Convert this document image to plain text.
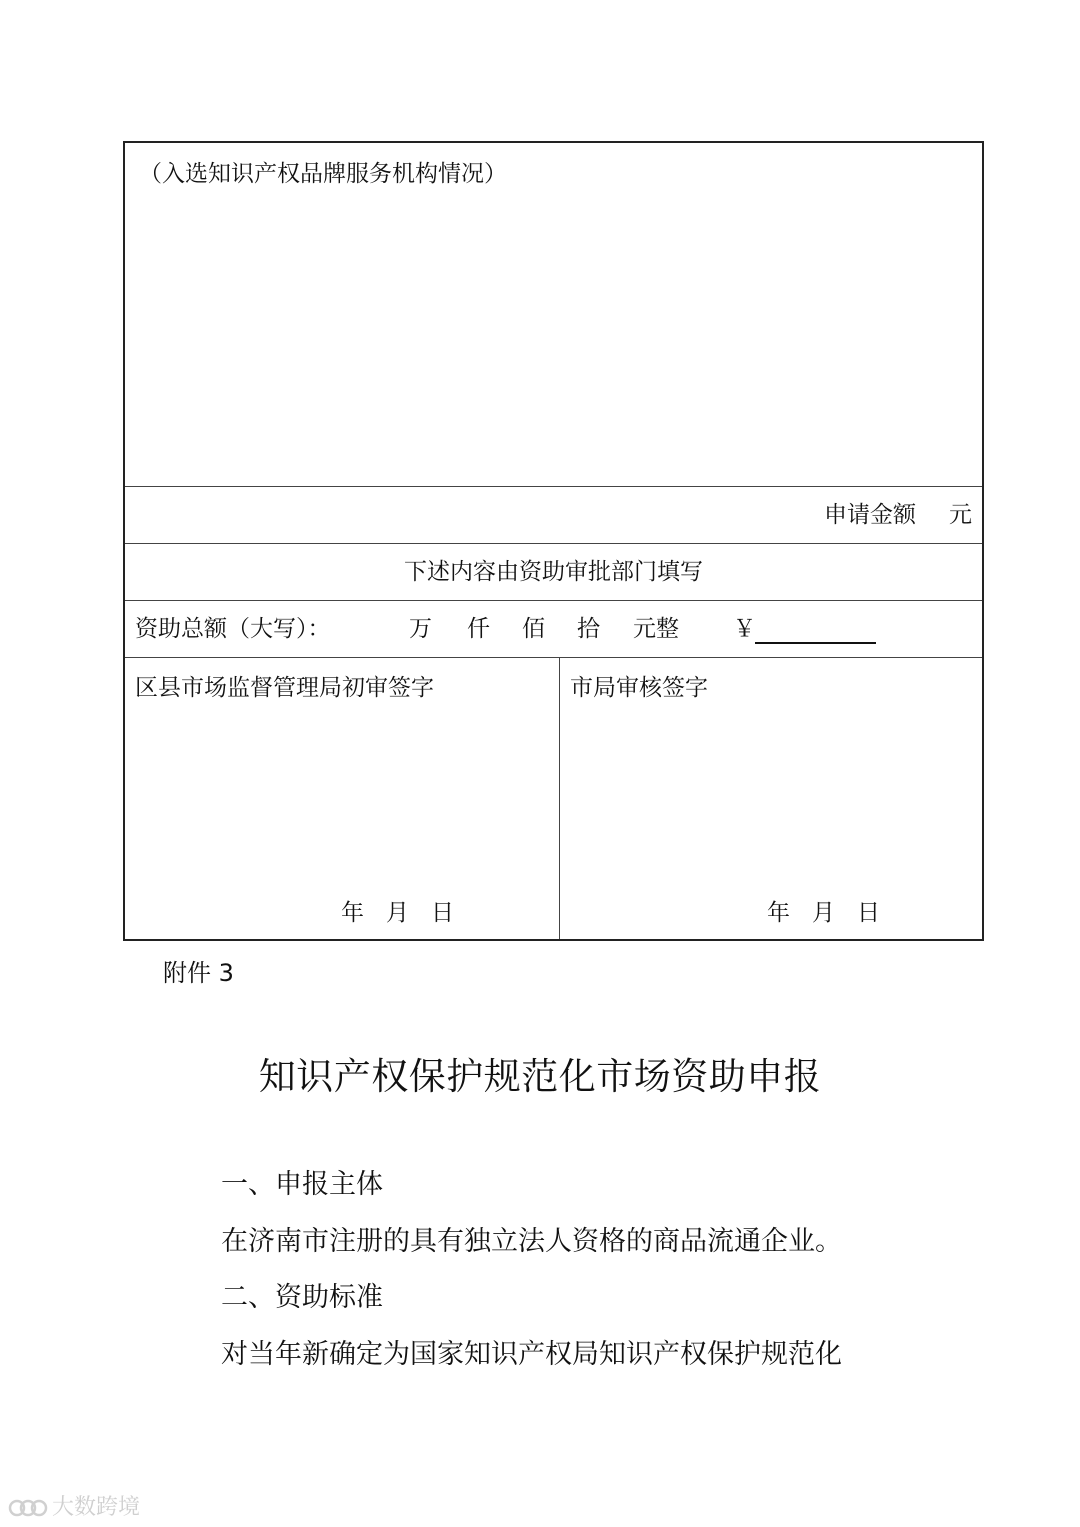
（入选知识产权品牌服务机构情况）
申请金额 元
下述内容由资助审批部门填写
资助总额（大写）：	万 仟 佰 拾 元整 ￥
区县市场监督管理局初审签字
年 月 日
市局审核签字
年 月 日
附件 3
知识产权保护规范化市场资助申报
一、申报主体
在济南市注册的具有独立法人资格的商品流通企业。
二、资助标准
对当年新确定为国家知识产权局知识产权保护规范化
大数跨境
